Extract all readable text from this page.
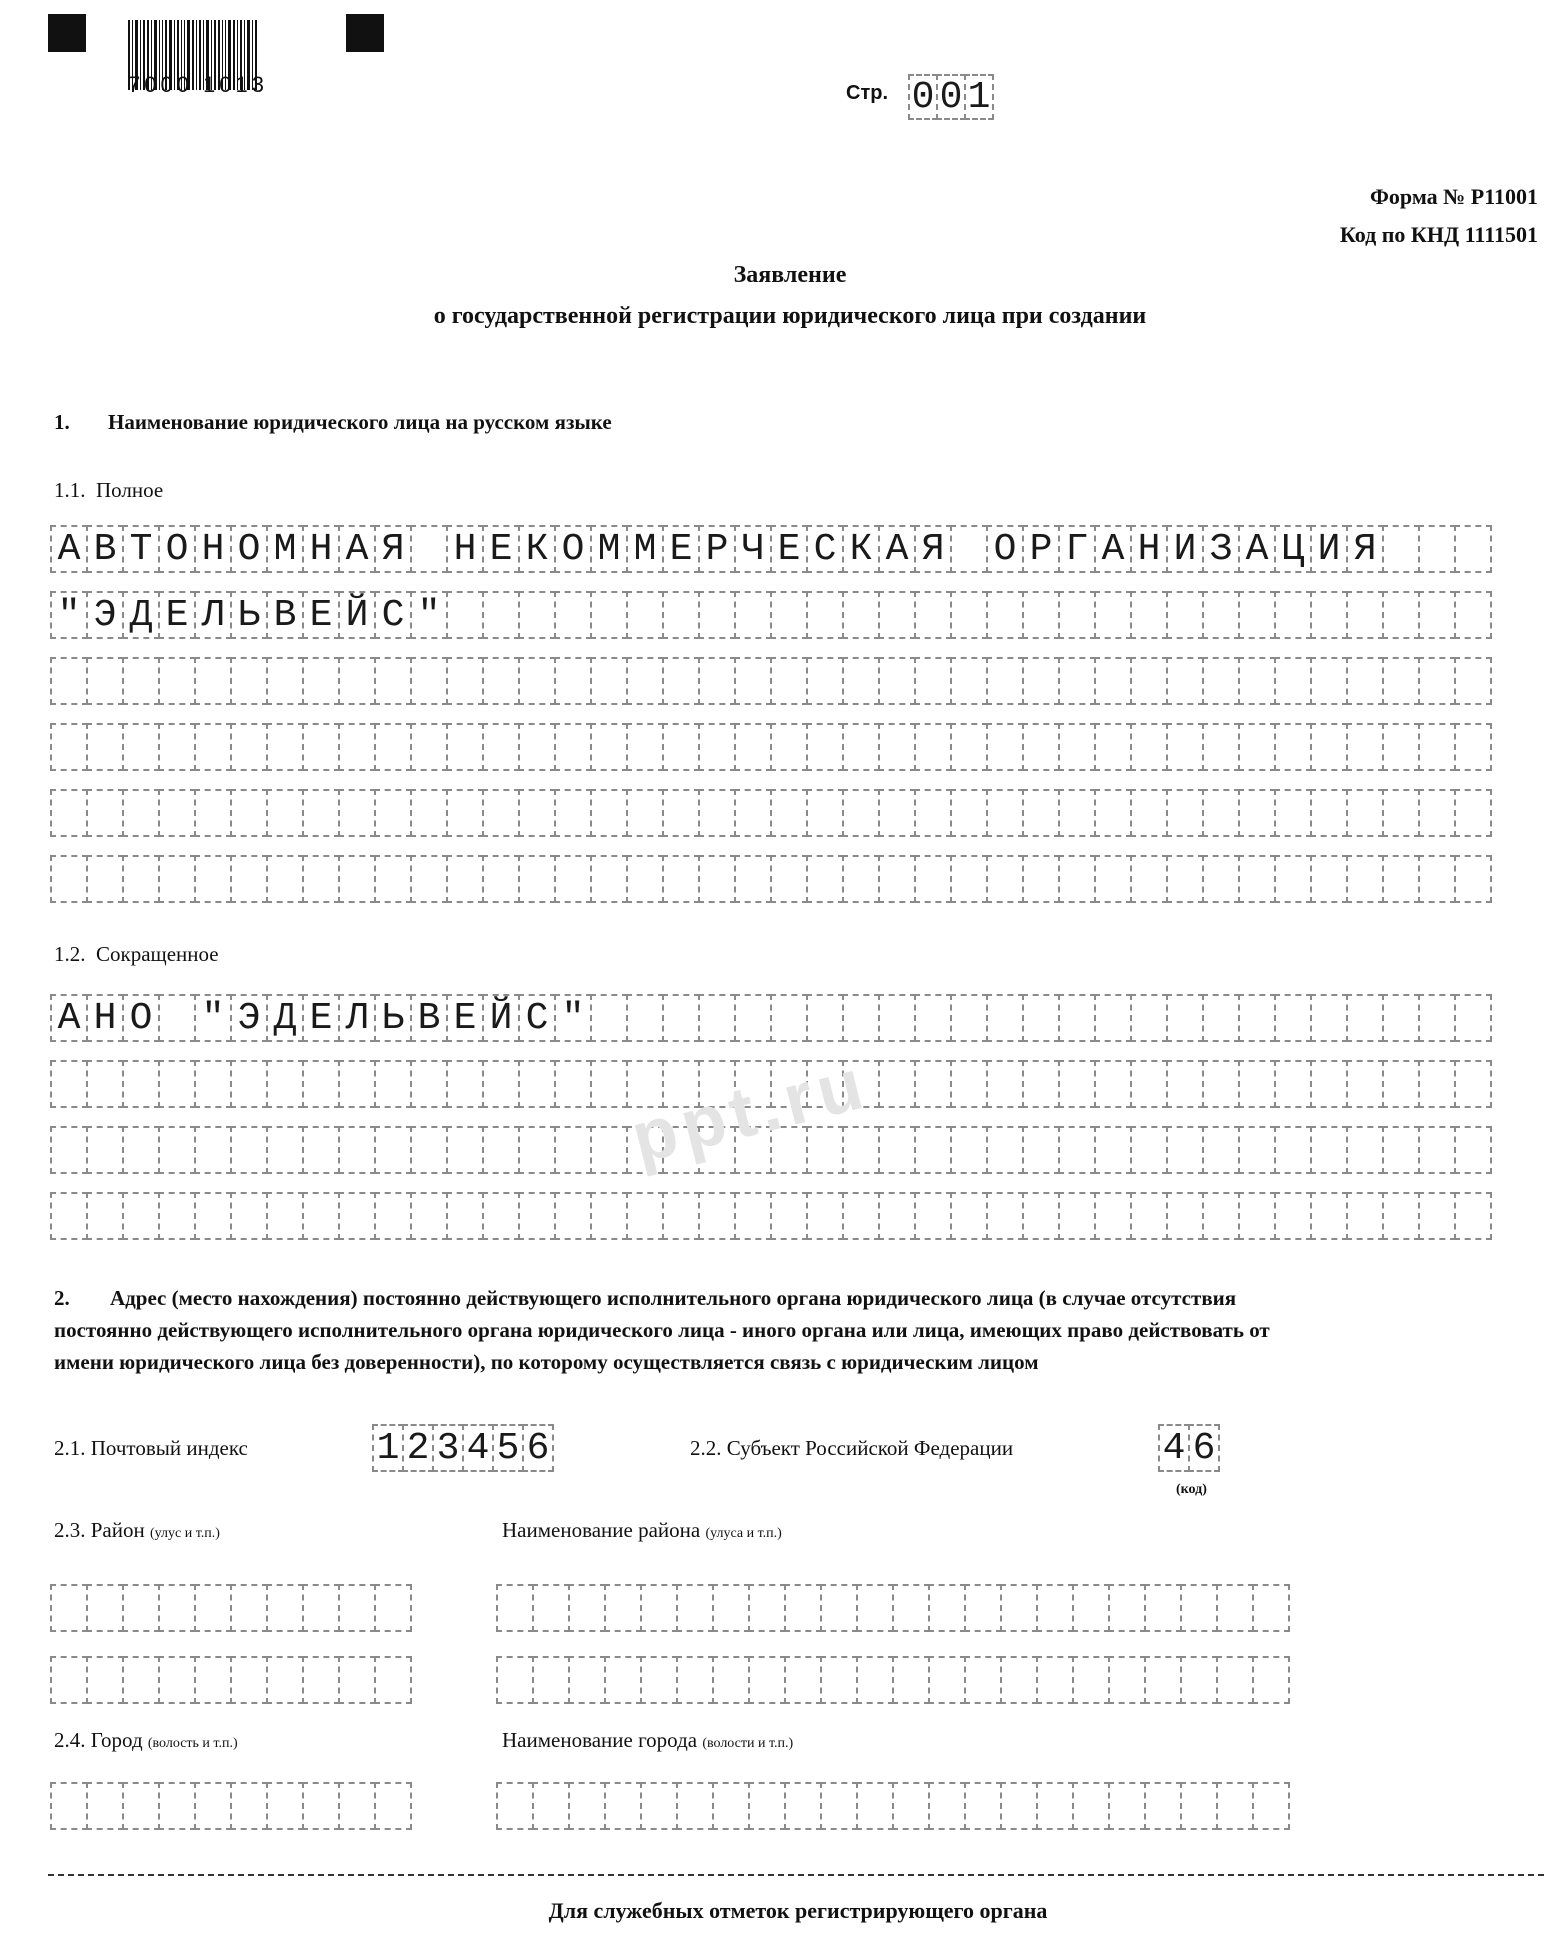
7000 1013	Стр. 0 0 1
Форма № Р11001
Код по КНД 1111501
Заявление
о государственной регистрации юридического лица при создании
1. Наименование юридического лица на русском языке
1.1.  Полное
А В Т О Н О М Н А Я Н Е К О М М Е Р Ч Е С К А Я О Р Г А Н И З А Ц И Я
" Э Д Е Л Ь В Е Й С "
1.2.  Сокращенное
А Н О " Э Д Е Л Ь В Е Й С "
ppt.ru
2. Адрес (место нахождения) постоянно действующего исполнительного органа юридического лица (в случае отсутствия
постоянно действующего исполнительного органа юридического лица - иного органа или лица, имеющих право действовать от
имени юридического лица без доверенности), по которому осуществляется связь с юридическим лицом
2.1. Почтовый индекс	1 2 3 4 5 6	2.2. Субъект Российской Федерации	4 6
(код)
2.3. Район (улус и т.п.)	Наименование района (улуса и т.п.)
2.4. Город (волость и т.п.)	Наименование города (волости и т.п.)
Для служебных отметок регистрирующего органа
